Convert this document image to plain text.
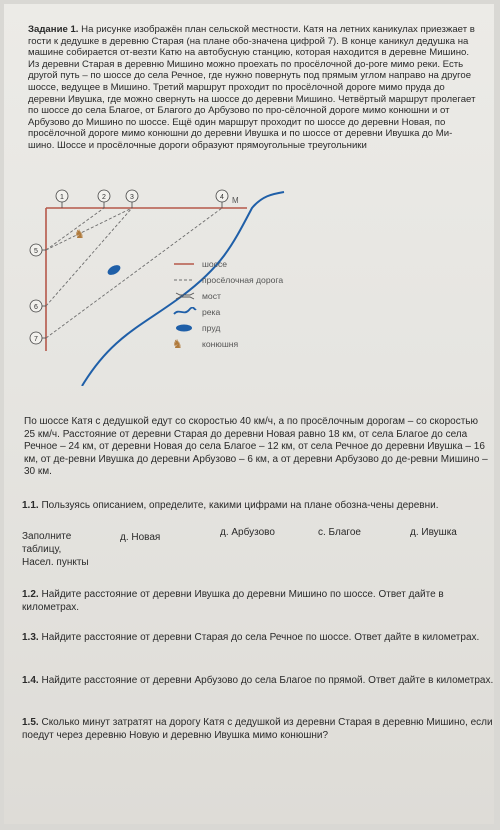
Задание 1. На рисунке изображён план сельской местности. Катя на летних каникулах приезжает в гости к дедушке в деревню Старая (на плане обо-значена цифрой 7). В конце каникул дедушка на машине собирается от-везти Катю на автобусную станцию, которая находится в деревне Мишино. Из деревни Старая в деревню Мишино можно проехать по просёлочной до-роге мимо реки. Есть другой путь – по шоссе до села Речное, где нужно повернуть под прямым углом направо на другое шоссе, ведущее в Мишино. Третий маршрут проходит по просёлочной дороге мимо пруда до деревни Ивушка, где можно свернуть на шоссе до деревни Мишино. Четвёртый маршрут пролегает по шоссе до села Благое, от Благого до Арбузово по про-сёлочной дороге мимо конюшни и от Арбузово до Мишино по шоссе. Ещё один маршрут проходит по шоссе до деревни Новая, по просёлочной дороге мимо конюшни до деревни Ивушка и по шоссе от деревни Ивушка до Ми-шино. Шоссе и просёлочные дороги образуют прямоугольные треугольники
♞
1	2	3	4 М
5
6
7
шоссе
просёлочная дорога
мост
река
пруд
♞	конюшня
По шоссе Катя с дедушкой едут со скоростью 40 км/ч, а по просёлочным дорогам – со скоростью 25 км/ч. Расстояние от деревни Старая до деревни Новая равно 18 км, от села Благое до села Речное – 24 км, от деревни Новая до села Благое – 12 км, от села Речное до деревни Ивушка – 16 км, от де-ревни Ивушка до деревни Арбузово – 6 км, а от деревни Арбузово до де-ревни Мишино – 30 км.
1.1. Пользуясь описанием, определите, какими цифрами на плане обозна-чены деревни.
Заполните
таблицу,
Насел. пункты
д. Новая	д. Арбузово	с. Благое	д. Ивушка
1.2. Найдите расстояние от деревни Ивушка до деревни Мишино по шоссе. Ответ дайте в километрах.
1.3. Найдите расстояние от деревни Старая до села Речное по шоссе. Ответ дайте в километрах.
1.4. Найдите расстояние от деревни Арбузово до села Благое по прямой. Ответ дайте в километрах.
1.5. Сколько минут затратят на дорогу Катя с дедушкой из деревни Старая в деревню Мишино, если поедут через деревню Новую и деревню Ивушка мимо конюшни?
